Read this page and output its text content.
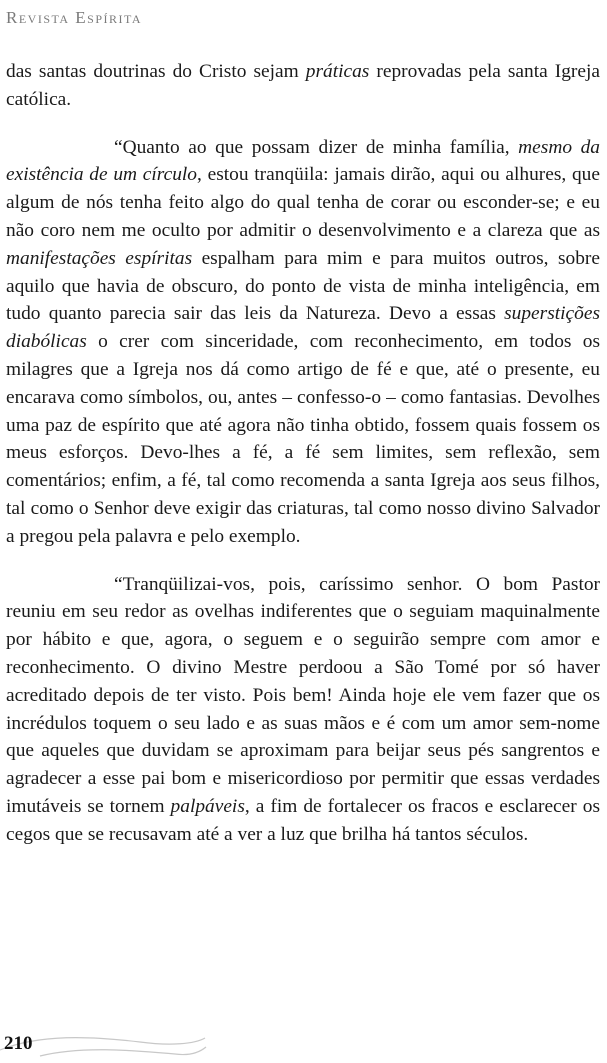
Revista Espírita

das santas doutrinas do Cristo sejam práticas reprovadas pela santa Igreja católica.

“Quanto ao que possam dizer de minha família, mesmo da existência de um círculo, estou tranqüila: jamais dirão, aqui ou alhures, que algum de nós tenha feito algo do qual tenha de corar ou esconder-se; e eu não coro nem me oculto por admitir o desenvolvimento e a clareza que as manifestações espíritas espalham para mim e para muitos outros, sobre aquilo que havia de obscuro, do ponto de vista de minha inteligência, em tudo quanto parecia sair das leis da Natureza. Devo a essas superstições diabólicas o crer com sinceridade, com reconhecimento, em todos os milagres que a Igreja nos dá como artigo de fé e que, até o presente, eu encarava como símbolos, ou, antes – confesso-o – como fantasias. Devolhes uma paz de espírito que até agora não tinha obtido, fossem quais fossem os meus esforços. Devo-lhes a fé, a fé sem limites, sem reflexão, sem comentários; enfim, a fé, tal como recomenda a santa Igreja aos seus filhos, tal como o Senhor deve exigir das criaturas, tal como nosso divino Salvador a pregou pela palavra e pelo exemplo.

“Tranqüilizai-vos, pois, caríssimo senhor. O bom Pastor reuniu em seu redor as ovelhas indiferentes que o seguiam maquinalmente por hábito e que, agora, o seguem e o seguirão sempre com amor e reconhecimento. O divino Mestre perdoou a São Tomé por só haver acreditado depois de ter visto. Pois bem! Ainda hoje ele vem fazer que os incrédulos toquem o seu lado e as suas mãos e é com um amor sem-nome que aqueles que duvidam se aproximam para beijar seus pés sangrentos e agradecer a esse pai bom e misericordioso por permitir que essas verdades imutáveis se tornem palpáveis, a fim de fortalecer os fracos e esclarecer os cegos que se recusavam até a ver a luz que brilha há tantos séculos.

210
